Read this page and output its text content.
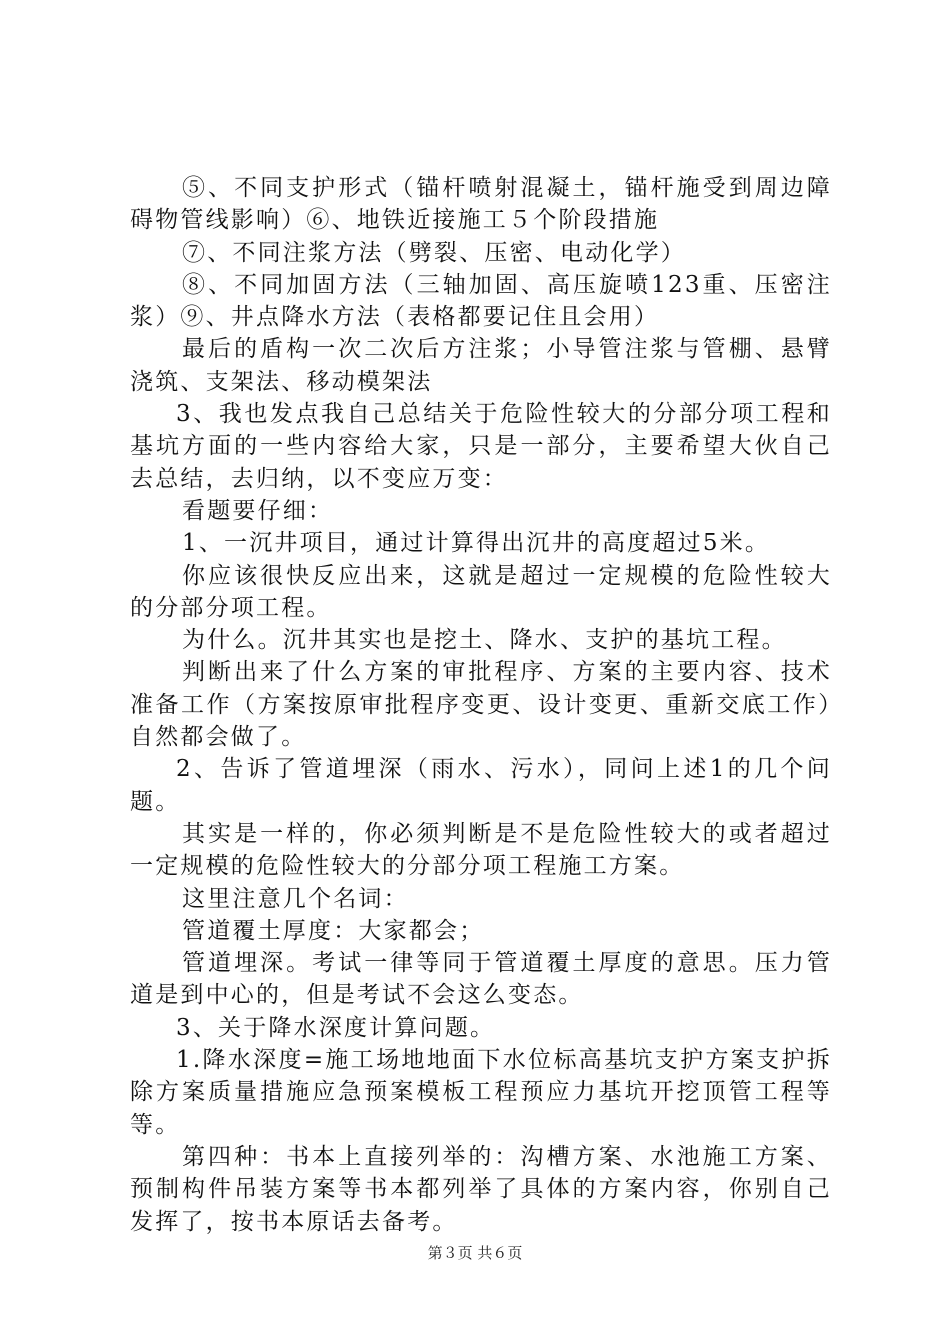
⑤、不同支护形式（锚杆喷射混凝土，锚杆施受到周边障碍物管线影响）⑥、地铁近接施工５个阶段措施

⑦、不同注浆方法（劈裂、压密、电动化学）

⑧、不同加固方法（三轴加固、高压旋喷123重、压密注浆）⑨、井点降水方法（表格都要记住且会用）

最后的盾构一次二次后方注浆；小导管注浆与管棚、悬臂浇筑、支架法、移动模架法

3、我也发点我自己总结关于危险性较大的分部分项工程和基坑方面的一些内容给大家，只是一部分，主要希望大伙自己去总结，去归纳，以不变应万变：

看题要仔细：

1、一沉井项目，通过计算得出沉井的高度超过5米。

你应该很快反应出来，这就是超过一定规模的危险性较大的分部分项工程。

为什么。沉井其实也是挖土、降水、支护的基坑工程。

判断出来了什么方案的审批程序、方案的主要内容、技术准备工作（方案按原审批程序变更、设计变更、重新交底工作）自然都会做了。

2、告诉了管道埋深（雨水、污水），同问上述1的几个问题。

其实是一样的，你必须判断是不是危险性较大的或者超过一定规模的危险性较大的分部分项工程施工方案。

这里注意几个名词：

管道覆土厚度：大家都会；

管道埋深。考试一律等同于管道覆土厚度的意思。压力管道是到中心的，但是考试不会这么变态。

3、关于降水深度计算问题。

1.降水深度=施工场地地面下水位标高基坑支护方案支护拆除方案质量措施应急预案模板工程预应力基坑开挖顶管工程等等。

第四种：书本上直接列举的：沟槽方案、水池施工方案、预制构件吊装方案等书本都列举了具体的方案内容，你别自己发挥了，按书本原话去备考。

第３页 共６页
